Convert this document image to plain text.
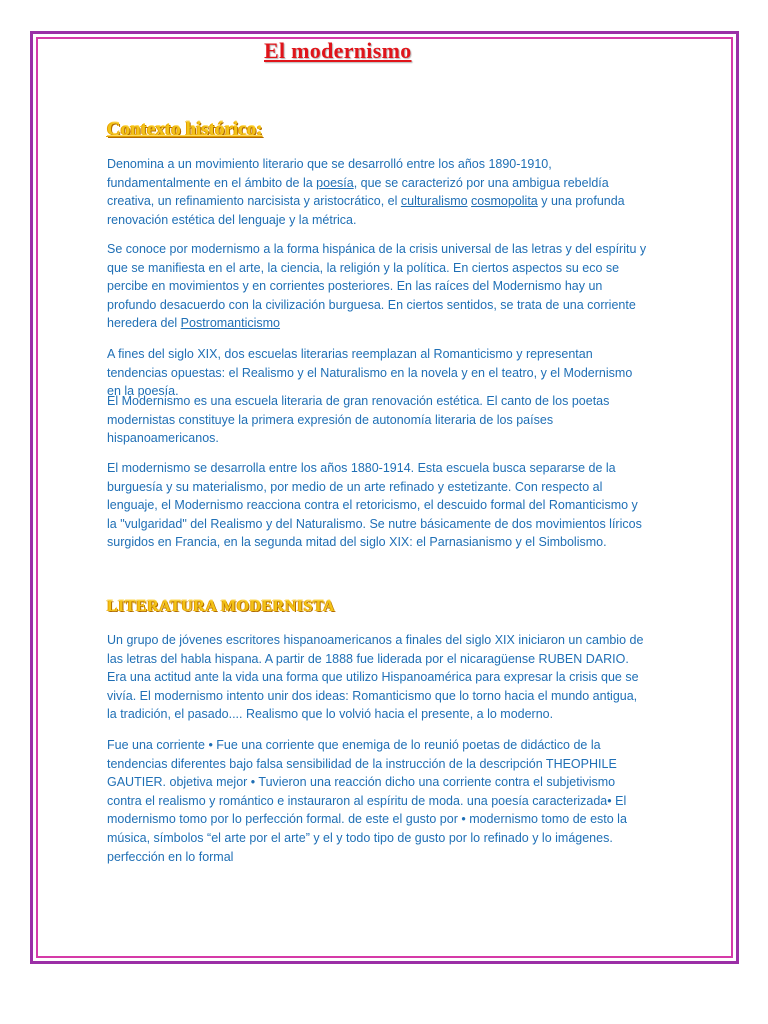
El modernismo
Contexto histórico:

Denomina a un movimiento literario que se desarrolló entre los años 1890-1910, fundamentalmente en el ámbito de la poesía, que se caracterizó por una ambigua rebeldía creativa, un refinamiento narcisista y aristocrático, el culturalismo cosmopolita y una profunda renovación estética del lenguaje y la métrica.

Se conoce por modernismo a la forma hispánica de la crisis universal de las letras y del espíritu y que se manifiesta en el arte, la ciencia, la religión y la política. En ciertos aspectos su eco se percibe en movimientos y en corrientes posteriores. En las raíces del Modernismo hay un profundo desacuerdo con la civilización burguesa. En ciertos sentidos, se trata de una corriente heredera del Postromanticismo

A fines del siglo XIX, dos escuelas literarias reemplazan al Romanticismo y representan tendencias opuestas: el Realismo y el Naturalismo en la novela y en el teatro, y el Modernismo en la poesía.

El Modernismo es una escuela literaria de gran renovación estética. El canto de los poetas modernistas constituye la primera expresión de autonomía literaria de los países hispanoamericanos.

El modernismo se desarrolla entre los años 1880-1914. Esta escuela busca separarse de la burguesía y su materialismo, por medio de un arte refinado y estetizante. Con respecto al lenguaje, el Modernismo reacciona contra el retoricismo, el descuido formal del Romanticismo y la "vulgaridad" del Realismo y del Naturalismo. Se nutre básicamente de dos movimientos líricos surgidos en Francia, en la segunda mitad del siglo XIX: el Parnasianismo y el Simbolismo.

LITERATURA MODERNISTA

Un grupo de jóvenes escritores hispanoamericanos a finales del siglo XIX iniciaron un cambio de las letras del habla hispana. A partir de 1888 fue liderada por el nicaragüense RUBEN DARIO. Era una actitud ante la vida una forma que utilizo Hispanoamérica para expresar la crisis que se vivía. El modernismo intento unir dos ideas: Romanticismo que lo torno hacia el mundo antigua, la tradición, el pasado.... Realismo que lo volvió hacia el presente, a lo moderno.

Fue una corriente • Fue una corriente que enemiga de lo reunió poetas de didáctico de la tendencias diferentes bajo falsa sensibilidad de la instrucción de la descripción THEOPHILE GAUTIER. objetiva mejor • Tuvieron una reacción dicho una corriente contra el subjetivismo contra el realismo y romántico e instauraron al espíritu de moda. una poesía caracterizada• El modernismo tomo por lo perfección formal. de este el gusto por • modernismo tomo de esto la música, símbolos “el arte por el arte” y el y todo tipo de gusto por lo refinado y lo imágenes. perfección en lo formal
